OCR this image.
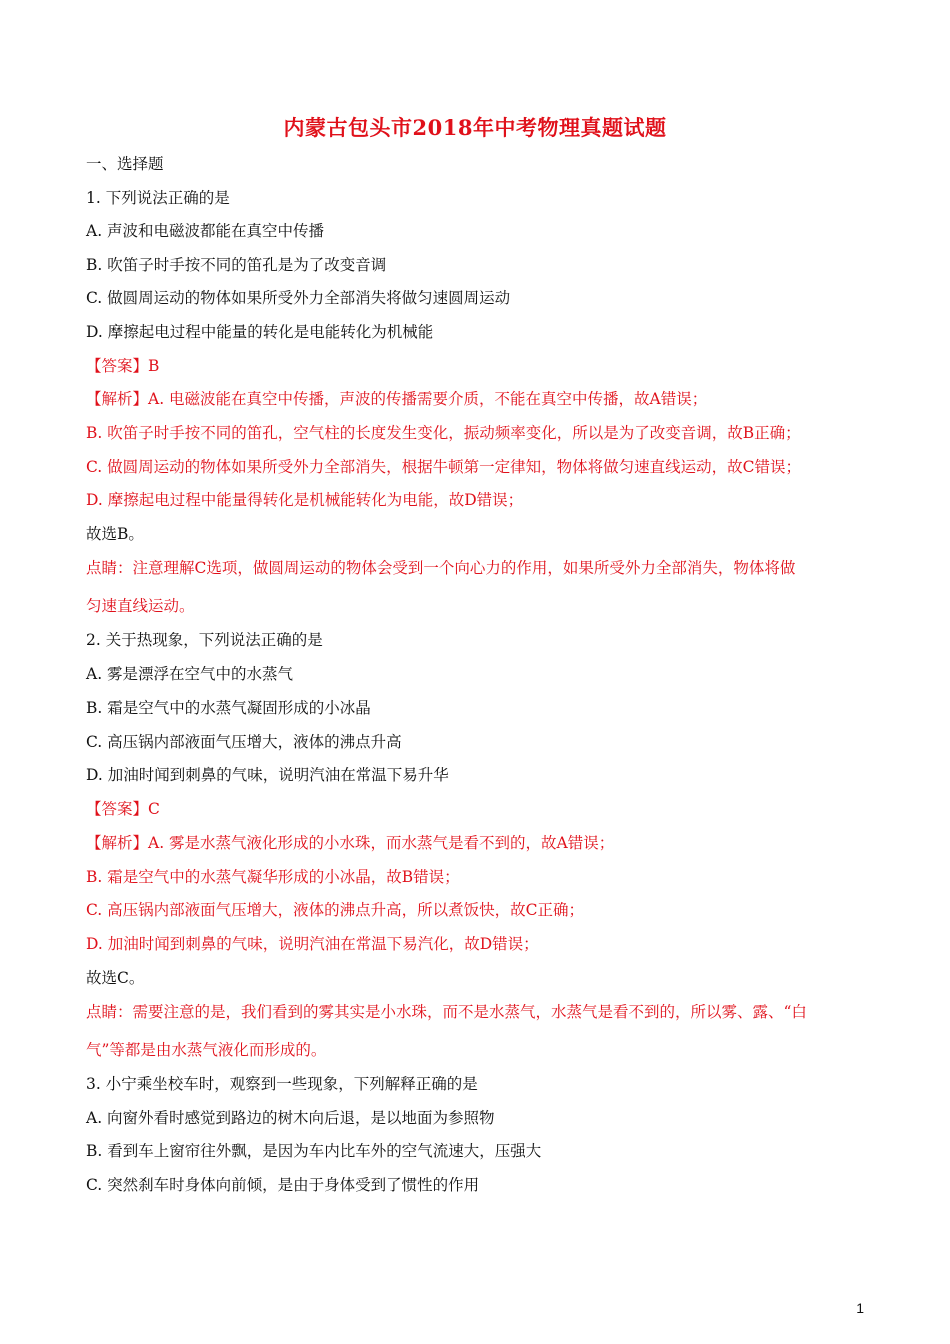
内蒙古包头市2018年中考物理真题试题
一、选择题
1. 下列说法正确的是
A. 声波和电磁波都能在真空中传播
B. 吹笛子时手按不同的笛孔是为了改变音调
C. 做圆周运动的物体如果所受外力全部消失将做匀速圆周运动
D. 摩擦起电过程中能量的转化是电能转化为机械能
【答案】B
【解析】A. 电磁波能在真空中传播，声波的传播需要介质，不能在真空中传播，故A错误；
B. 吹笛子时手按不同的笛孔，空气柱的长度发生变化，振动频率变化，所以是为了改变音调，故B正确；
C. 做圆周运动的物体如果所受外力全部消失，根据牛顿第一定律知，物体将做匀速直线运动，故C错误；
D. 摩擦起电过程中能量得转化是机械能转化为电能，故D错误；
故选B。
点睛：注意理解C选项，做圆周运动的物体会受到一个向心力的作用，如果所受外力全部消失，物体将做
匀速直线运动。
2. 关于热现象，下列说法正确的是
A. 雾是漂浮在空气中的水蒸气
B. 霜是空气中的水蒸气凝固形成的小冰晶
C. 高压锅内部液面气压增大，液体的沸点升高
D. 加油时闻到刺鼻的气味，说明汽油在常温下易升华
【答案】C
【解析】A. 雾是水蒸气液化形成的小水珠，而水蒸气是看不到的，故A错误；
B. 霜是空气中的水蒸气凝华形成的小冰晶，故B错误；
C. 高压锅内部液面气压增大，液体的沸点升高，所以煮饭快，故C正确；
D. 加油时闻到刺鼻的气味，说明汽油在常温下易汽化，故D错误；
故选C。
点睛：需要注意的是，我们看到的雾其实是小水珠，而不是水蒸气，水蒸气是看不到的，所以雾、露、“白
气”等都是由水蒸气液化而形成的。
3. 小宁乘坐校车时，观察到一些现象，下列解释正确的是
A. 向窗外看时感觉到路边的树木向后退，是以地面为参照物
B. 看到车上窗帘往外飘，是因为车内比车外的空气流速大，压强大
C. 突然刹车时身体向前倾，是由于身体受到了惯性的作用
1
